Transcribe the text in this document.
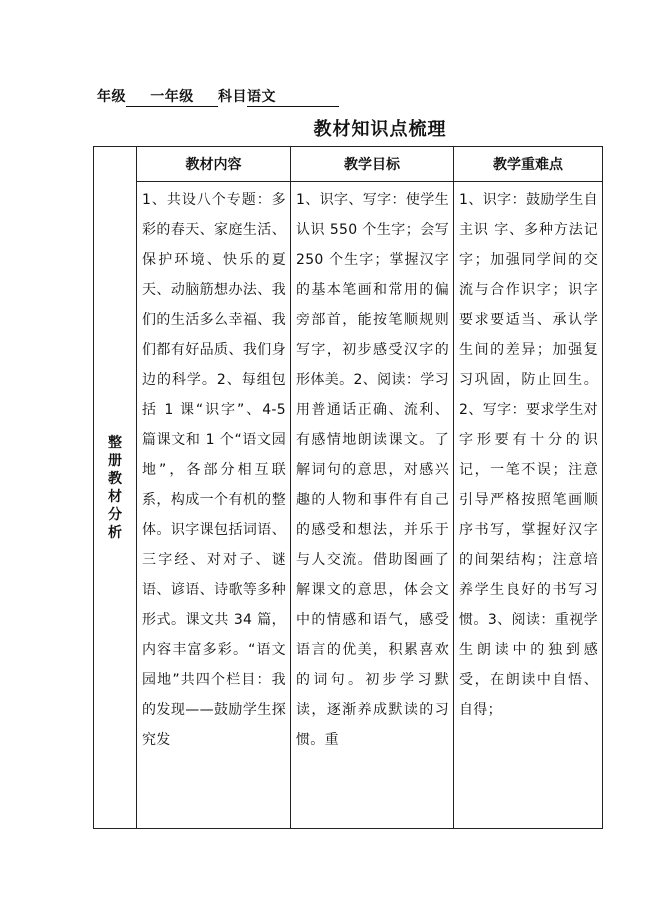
年级 一年级 科目语文
教材知识点梳理
整册教材分析	教材内容	教学目标	教学重难点

	1、共设八个专题：多彩的春天、家庭生活、保护环境、快乐的夏天、动脑筋想办法、我们的生活多么幸福、我们都有好品质、我们身边的科学。2、每组包括 1 课“识字”、4-5 篇课文和 1 个“语文园地”，各部分相互联系，构成一个有机的整体。识字课包括词语、三字经、对对子、谜语、谚语、诗歌等多种形式。课文共 34 篇，内容丰富多彩。“语文园地”共四个栏目：我的发现——鼓励学生探究发	1、识字、写字：使学生认识 550 个生字；会写 250 个生字；掌握汉字的基本笔画和常用的偏旁部首，能按笔顺规则写字，初步感受汉字的形体美。2、阅读：学习用普通话正确、流利、有感情地朗读课文。了解词句的意思，对感兴趣的人物和事件有自己的感受和想法，并乐于与人交流。借助图画了解课文的意思，体会文中的情感和语气，感受语言的优美，积累喜欢的词句。初步学习默读，逐渐养成默读的习惯。重	1、识字：鼓励学生自主识 字、多种方法记字；加强同学间的交流与合作识字；识字要求要适当、承认学生间的差异；加强复习巩固，防止回生。2、写字：要求学生对字形要有十分的识记，一笔不误；注意引导严格按照笔画顺序书写，掌握好汉字的间架结构；注意培养学生良好的书写习惯。3、阅读：重视学生朗读中的独到感受，在朗读中自悟、自得；
